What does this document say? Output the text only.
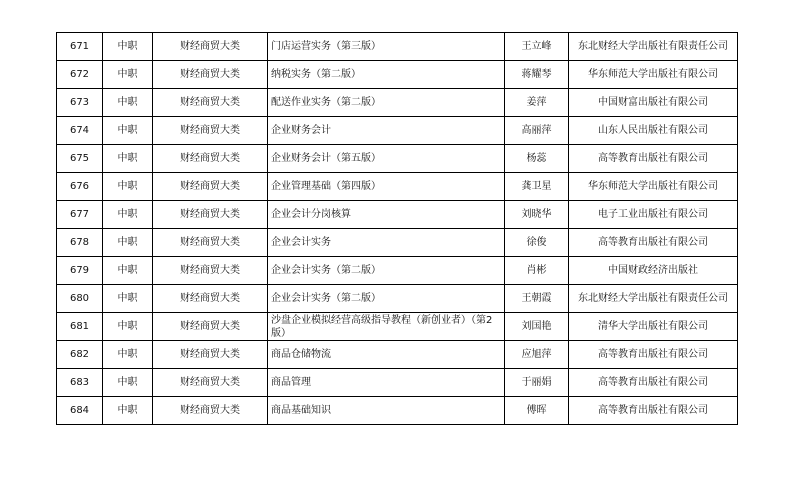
671	中职	财经商贸大类	门店运营实务（第三版）	王立峰	东北财经大学出版社有限责任公司
672	中职	财经商贸大类	纳税实务（第二版）	蒋耀琴	华东师范大学出版社有限公司
673	中职	财经商贸大类	配送作业实务（第二版）	姜萍	中国财富出版社有限公司
674	中职	财经商贸大类	企业财务会计	高丽萍	山东人民出版社有限公司
675	中职	财经商贸大类	企业财务会计（第五版）	杨蕊	高等教育出版社有限公司
676	中职	财经商贸大类	企业管理基础（第四版）	龚卫星	华东师范大学出版社有限公司
677	中职	财经商贸大类	企业会计分岗核算	刘晓华	电子工业出版社有限公司
678	中职	财经商贸大类	企业会计实务	徐俊	高等教育出版社有限公司
679	中职	财经商贸大类	企业会计实务（第二版）	肖彬	中国财政经济出版社
680	中职	财经商贸大类	企业会计实务（第二版）	王朝霞	东北财经大学出版社有限责任公司
681	中职	财经商贸大类	沙盘企业模拟经营高级指导教程（新创业者）（第2版）	刘国艳	清华大学出版社有限公司
682	中职	财经商贸大类	商品仓储物流	应旭萍	高等教育出版社有限公司
683	中职	财经商贸大类	商品管理	于丽娟	高等教育出版社有限公司
684	中职	财经商贸大类	商品基础知识	傅晖	高等教育出版社有限公司
